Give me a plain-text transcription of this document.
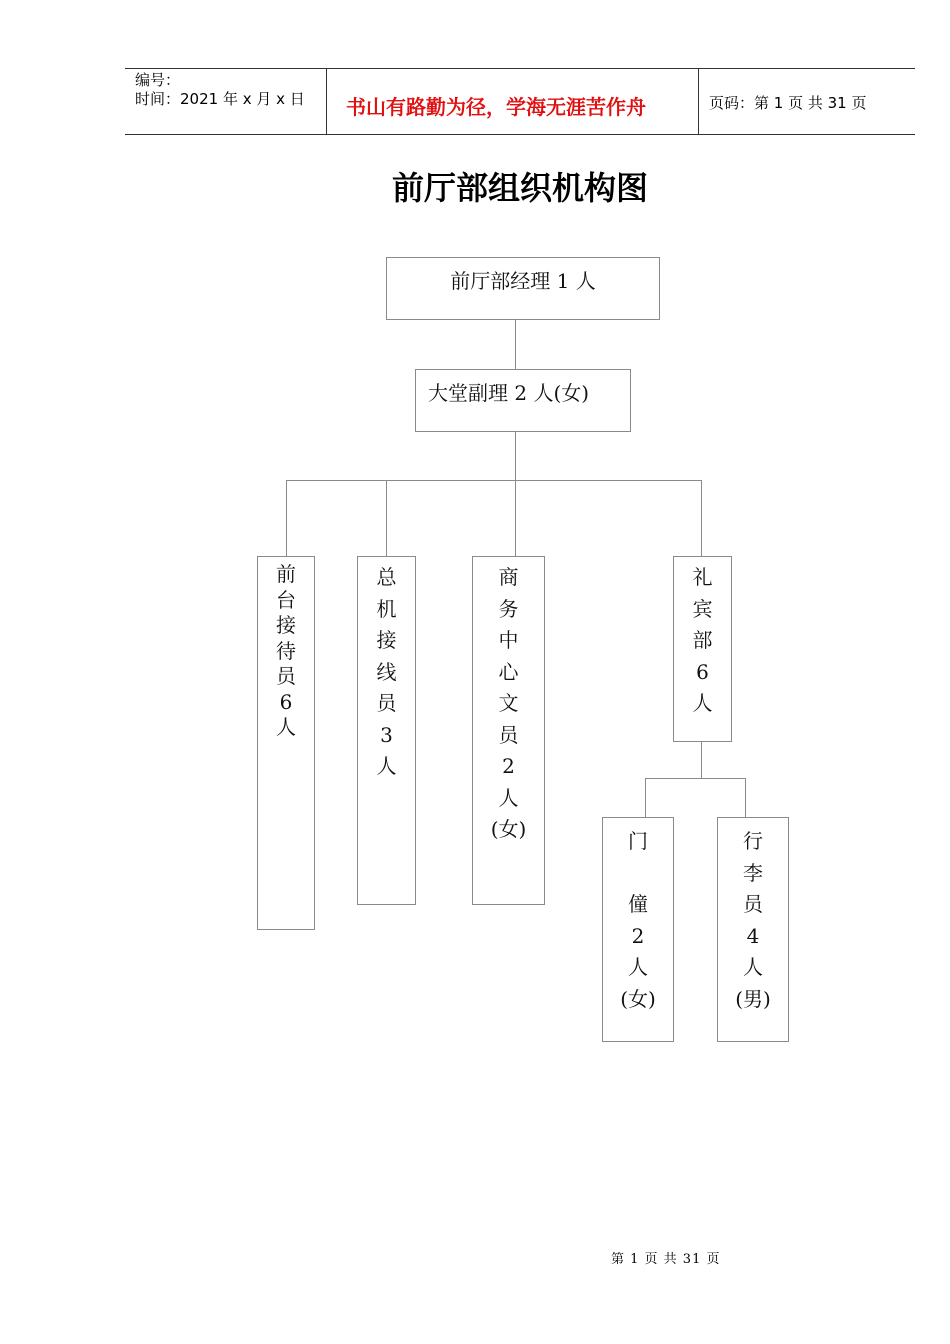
编号：
时间：2021 年 x 月 x 日 书山有路勤为径，学海无涯苦作舟	页码：第 1 页 共 31 页
前厅部组织机构图
前厅部经理 1 人
大堂副理 2 人(女)
前
台
接
待
员
6
人
总
机
接
线
员
3
人
商
务
中
心
文
员
2
人
(女)
礼
宾
部
6
人
门
僮
2
人
(女)
行
李
员
4
人
(男)
第 1 页 共 31 页
